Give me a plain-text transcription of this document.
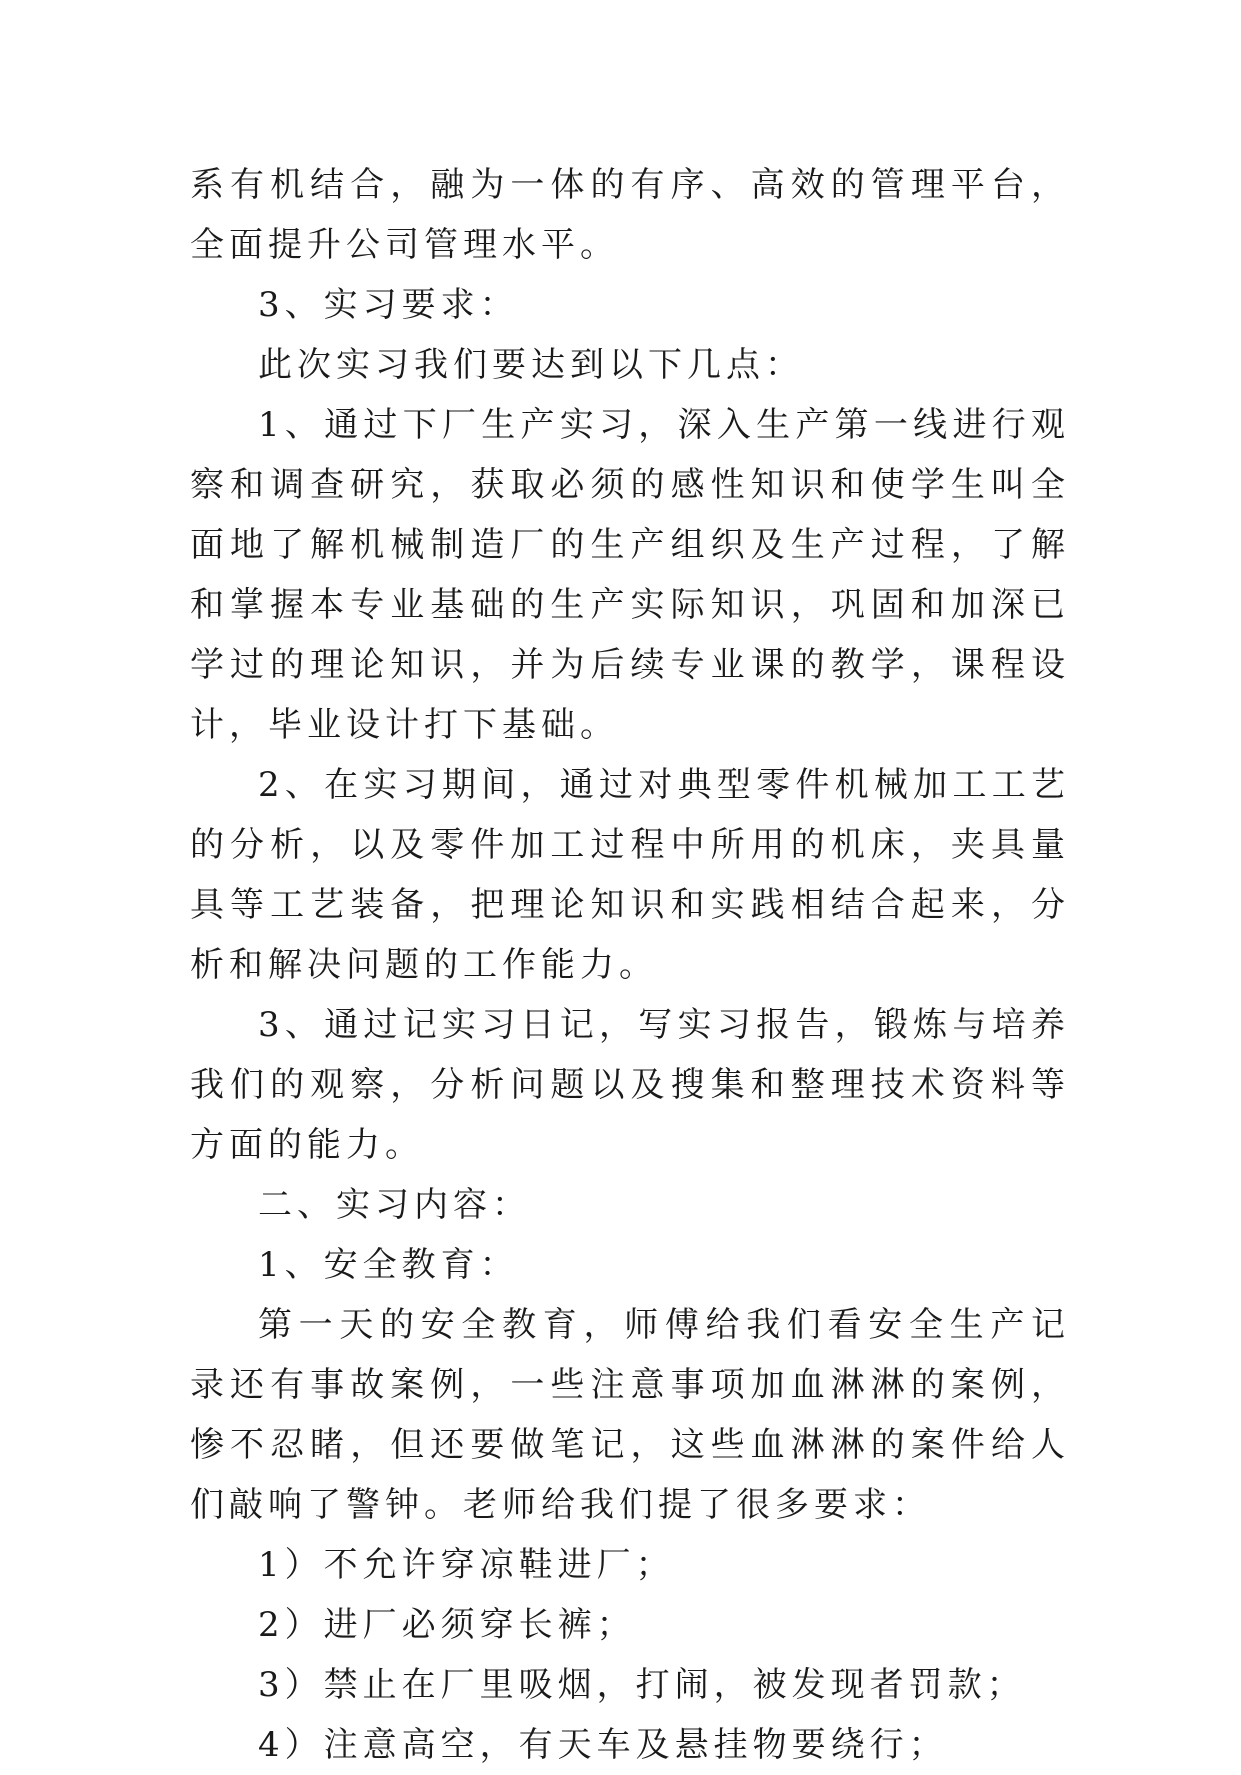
系有机结合，融为一体的有序、高效的管理平台，全面提升公司管理水平。

3、实习要求：

此次实习我们要达到以下几点：

1、通过下厂生产实习，深入生产第一线进行观察和调查研究，获取必须的感性知识和使学生叫全面地了解机械制造厂的生产组织及生产过程，了解和掌握本专业基础的生产实际知识，巩固和加深已学过的理论知识，并为后续专业课的教学，课程设计，毕业设计打下基础。

2、在实习期间，通过对典型零件机械加工工艺的分析，以及零件加工过程中所用的机床，夹具量具等工艺装备，把理论知识和实践相结合起来，分析和解决问题的工作能力。

3、通过记实习日记，写实习报告，锻炼与培养我们的观察，分析问题以及搜集和整理技术资料等方面的能力。

二、实习内容：

1、安全教育：

第一天的安全教育，师傅给我们看安全生产记录还有事故案例，一些注意事项加血淋淋的案例，惨不忍睹，但还要做笔记，这些血淋淋的案件给人们敲响了警钟。老师给我们提了很多要求：

1）不允许穿凉鞋进厂；

2）进厂必须穿长裤；

3）禁止在厂里吸烟，打闹，被发现者罚款；

4）注意高空，有天车及悬挂物要绕行；
